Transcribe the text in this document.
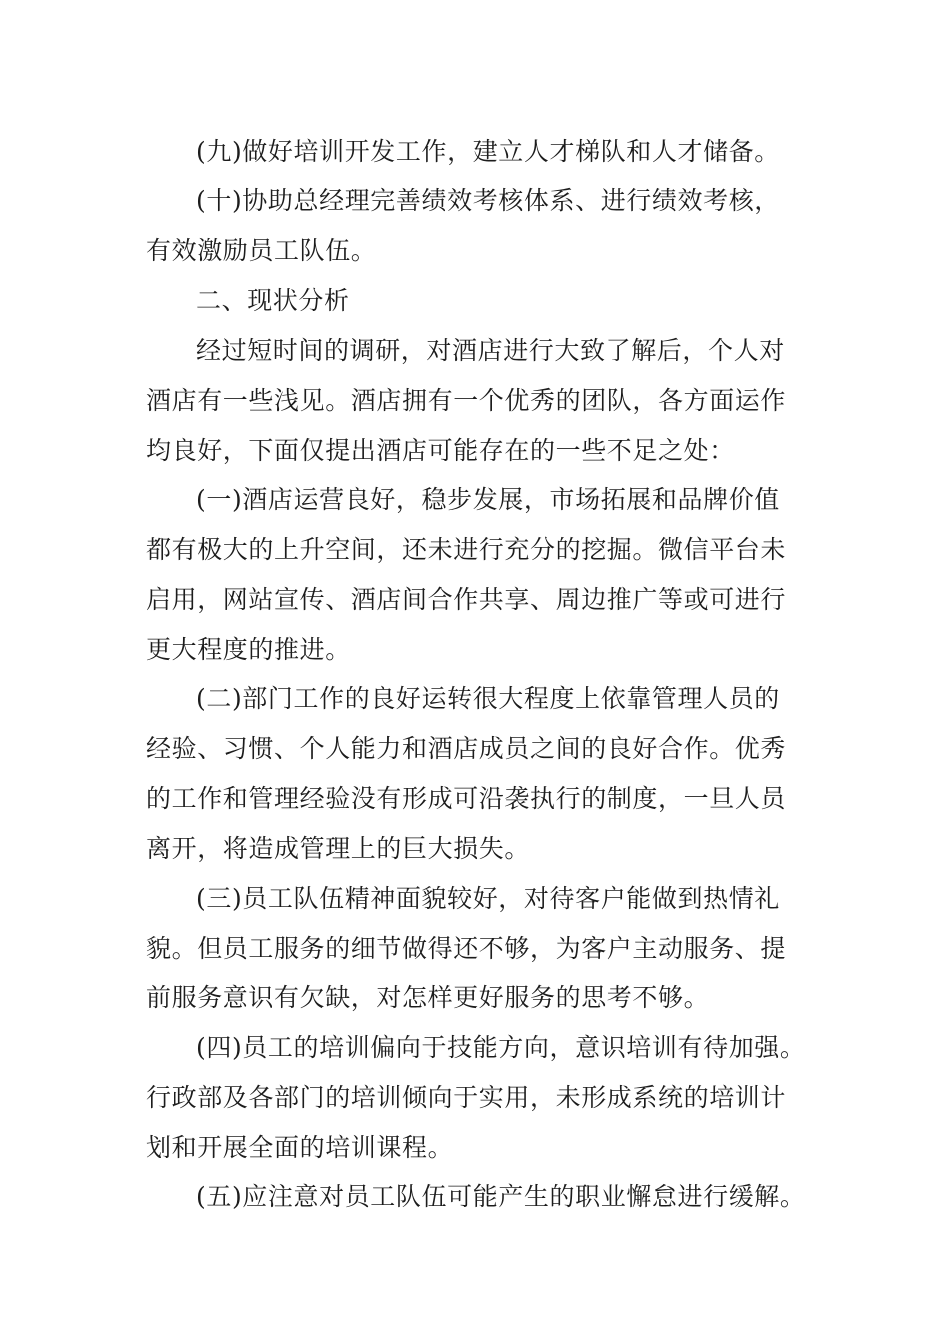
(九)做好培训开发工作，建立人才梯队和人才储备。
(十)协助总经理完善绩效考核体系、进行绩效考核，
有效激励员工队伍。
二、现状分析
经过短时间的调研，对酒店进行大致了解后，个人对
酒店有一些浅见。酒店拥有一个优秀的团队，各方面运作
均良好，下面仅提出酒店可能存在的一些不足之处：
(一)酒店运营良好，稳步发展，市场拓展和品牌价值
都有极大的上升空间，还未进行充分的挖掘。微信平台未
启用，网站宣传、酒店间合作共享、周边推广等或可进行
更大程度的推进。
(二)部门工作的良好运转很大程度上依靠管理人员的
经验、习惯、个人能力和酒店成员之间的良好合作。优秀
的工作和管理经验没有形成可沿袭执行的制度，一旦人员
离开，将造成管理上的巨大损失。
(三)员工队伍精神面貌较好，对待客户能做到热情礼
貌。但员工服务的细节做得还不够，为客户主动服务、提
前服务意识有欠缺，对怎样更好服务的思考不够。
(四)员工的培训偏向于技能方向，意识培训有待加强。
行政部及各部门的培训倾向于实用，未形成系统的培训计
划和开展全面的培训课程。
(五)应注意对员工队伍可能产生的职业懈怠进行缓解。
